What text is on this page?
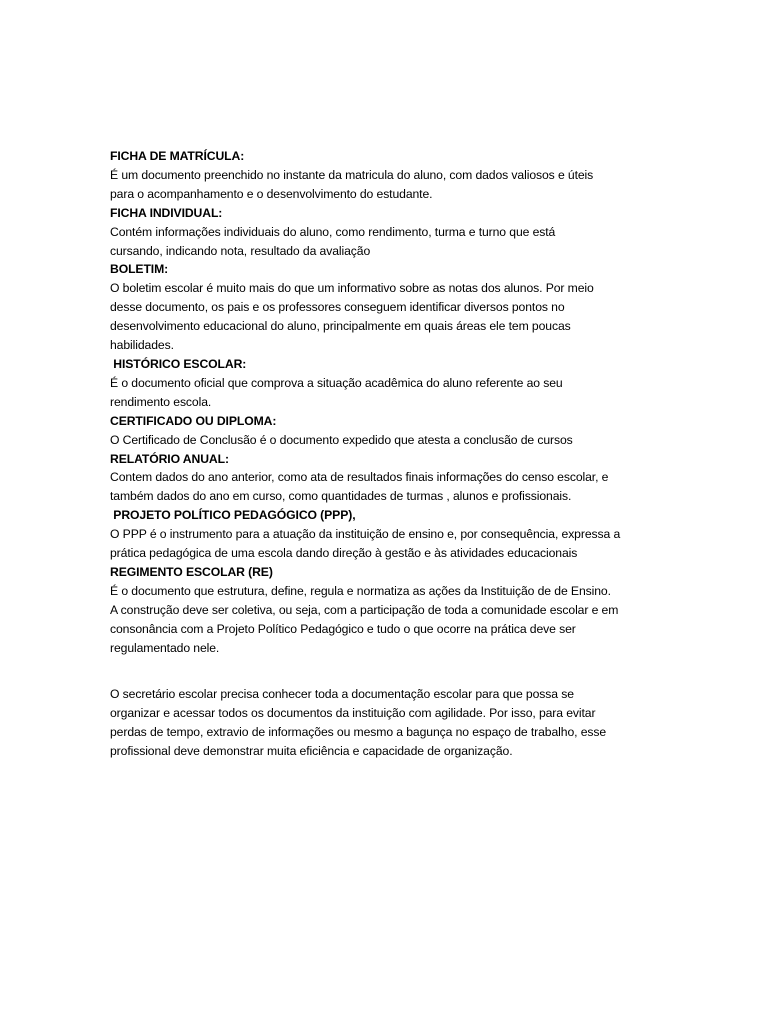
FICHA DE MATRÍCULA:
É um documento preenchido no instante da matricula do aluno, com dados valiosos e úteis
para o acompanhamento e o desenvolvimento do estudante.
FICHA INDIVIDUAL:
Contém informações individuais do aluno, como rendimento, turma e turno que está
cursando, indicando nota, resultado da avaliação
BOLETIM:
O boletim escolar é muito mais do que um informativo sobre as notas dos alunos. Por meio
desse documento, os pais e os professores conseguem identificar diversos pontos no
desenvolvimento educacional do aluno, principalmente em quais áreas ele tem poucas
habilidades.
HISTÓRICO ESCOLAR:
É o documento oficial que comprova a situação acadêmica do aluno referente ao seu
rendimento escola.
CERTIFICADO OU DIPLOMA:
O Certificado de Conclusão é o documento expedido que atesta a conclusão de cursos
RELATÓRIO ANUAL:
Contem dados do ano anterior, como ata de resultados finais informações do censo escolar, e
também dados do ano em curso, como quantidades de turmas , alunos e profissionais.
PROJETO POLÍTICO PEDAGÓGICO (PPP),
O PPP é o instrumento para a atuação da instituição de ensino e, por consequência, expressa a
prática pedagógica de uma escola dando direção à gestão e às atividades educacionais
REGIMENTO ESCOLAR (RE)
É o documento que estrutura, define, regula e normatiza as ações da Instituição de de Ensino.
A construção deve ser coletiva, ou seja, com a participação de toda a comunidade escolar e em
consonância com a Projeto Político Pedagógico e tudo o que ocorre na prática deve ser
regulamentado nele.
O secretário escolar precisa conhecer toda a documentação escolar para que possa se
organizar e acessar todos os documentos da instituição com agilidade. Por isso, para evitar
perdas de tempo, extravio de informações ou mesmo a bagunça no espaço de trabalho, esse
profissional deve demonstrar muita eficiência e capacidade de organização.
